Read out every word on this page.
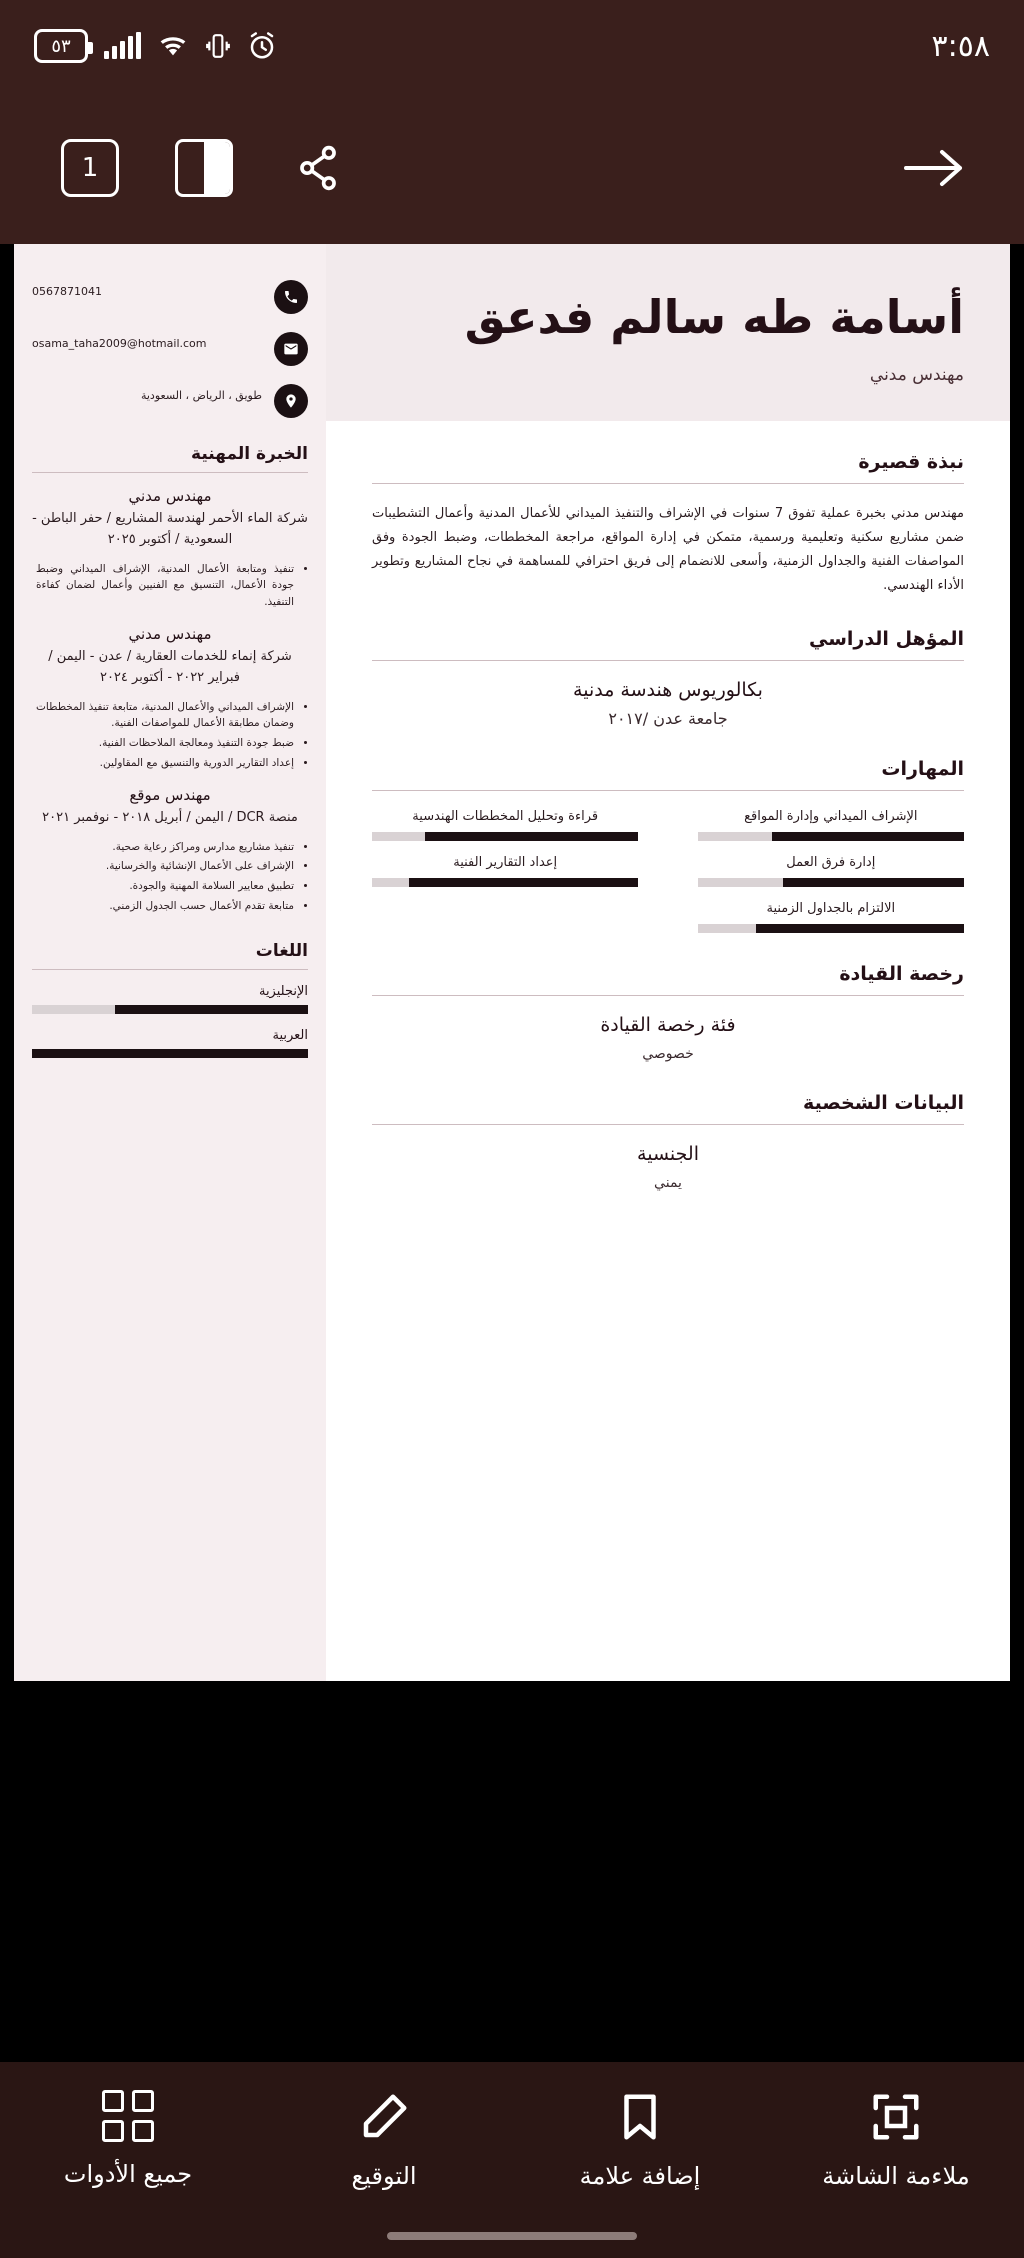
٥٣	٣:٥٨
1
أسامة طه سالم فدعق
مهندس مدني
نبذة قصيرة
مهندس مدني بخبرة عملية تفوق 7 سنوات في الإشراف والتنفيذ الميداني للأعمال المدنية وأعمال التشطيبات ضمن مشاريع سكنية وتعليمية ورسمية، متمكن في إدارة المواقع، مراجعة المخططات، وضبط الجودة وفق المواصفات الفنية والجداول الزمنية، وأسعى للانضمام إلى فريق احترافي للمساهمة في نجاح المشاريع وتطوير الأداء الهندسي.
المؤهل الدراسي
بكالوريوس هندسة مدنية
جامعة عدن /٢٠١٧
المهارات
الإشراف الميداني وإدارة المواقع
قراءة وتحليل المخططات الهندسية
إدارة فرق العمل
إعداد التقارير الفنية
الالتزام بالجداول الزمنية
رخصة القيادة
فئة رخصة القيادة
خصوصي
البيانات الشخصية
الجنسية
يمني
0567871041
osama_taha2009@hotmail.com
طويق ، الرياض ، السعودية
الخبرة المهنية
مهندس مدني
شركة الماء الأحمر لهندسة المشاريع / حفر الباطن - السعودية / أكتوبر ٢٠٢٥
• تنفيذ ومتابعة الأعمال المدنية، الإشراف الميداني وضبط جودة الأعمال، التنسيق مع الفنيين وأعمال لضمان كفاءة التنفيذ.
مهندس مدني
شركة إنماء للخدمات العقارية / عدن - اليمن / فبراير ٢٠٢٢ - أكتوبر ٢٠٢٤
• الإشراف الميداني والأعمال المدنية، متابعة تنفيذ المخططات وضمان مطابقة الأعمال للمواصفات الفنية.
• ضبط جودة التنفيذ ومعالجة الملاحظات الفنية.
• إعداد التقارير الدورية والتنسيق مع المقاولين.
مهندس موقع
منصة DCR / اليمن / أبريل ٢٠١٨ - نوفمبر ٢٠٢١
• تنفيذ مشاريع مدارس ومراكز رعاية صحية.
• الإشراف على الأعمال الإنشائية والخرسانية.
• تطبيق معايير السلامة المهنية والجودة.
• متابعة تقدم الأعمال حسب الجدول الزمني.
اللغات
الإنجليزية
العربية
ملاءمة الشاشة
إضافة علامة
التوقيع
جميع الأدوات
